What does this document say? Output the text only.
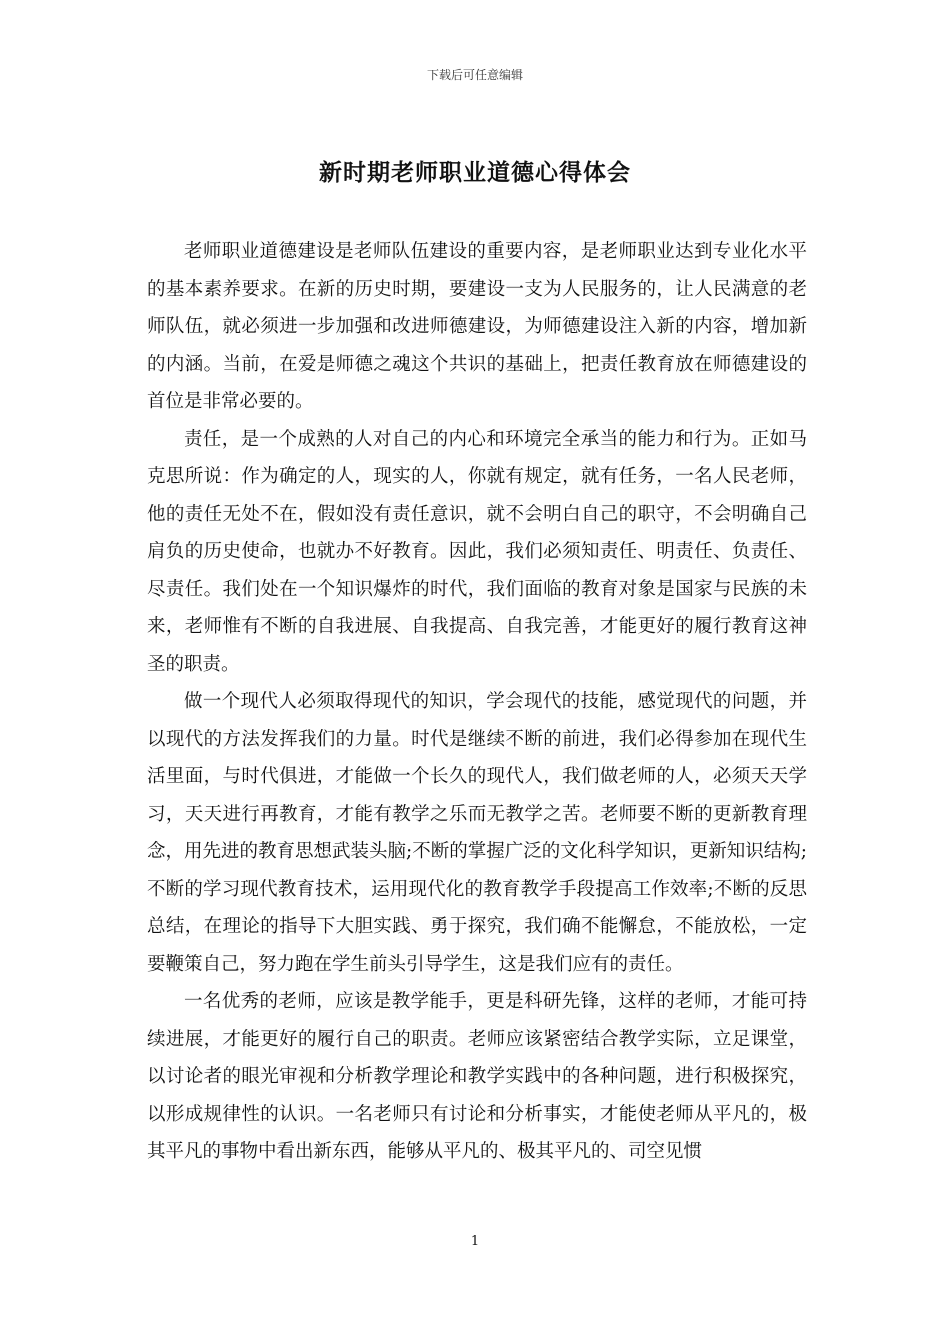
下载后可任意编辑
新时期老师职业道德心得体会

老师职业道德建设是老师队伍建设的重要内容，是老师职业达到专业化水平的基本素养要求。在新的历史时期，要建设一支为人民服务的，让人民满意的老师队伍，就必须进一步加强和改进师德建设，为师德建设注入新的内容，增加新的内涵。当前，在爱是师德之魂这个共识的基础上，把责任教育放在师德建设的首位是非常必要的。

责任，是一个成熟的人对自己的内心和环境完全承当的能力和行为。正如马克思所说：作为确定的人，现实的人，你就有规定，就有任务，一名人民老师，他的责任无处不在，假如没有责任意识，就不会明白自己的职守，不会明确自己肩负的历史使命，也就办不好教育。因此，我们必须知责任、明责任、负责任、尽责任。我们处在一个知识爆炸的时代，我们面临的教育对象是国家与民族的未来，老师惟有不断的自我进展、自我提高、自我完善，才能更好的履行教育这神圣的职责。

做一个现代人必须取得现代的知识，学会现代的技能，感觉现代的问题，并以现代的方法发挥我们的力量。时代是继续不断的前进，我们必得参加在现代生活里面，与时代俱进，才能做一个长久的现代人，我们做老师的人，必须天天学习，天天进行再教育，才能有教学之乐而无教学之苦。老师要不断的更新教育理念，用先进的教育思想武装头脑;不断的掌握广泛的文化科学知识，更新知识结构;不断的学习现代教育技术，运用现代化的教育教学手段提高工作效率;不断的反思总结，在理论的指导下大胆实践、勇于探究，我们确不能懈怠，不能放松，一定要鞭策自己，努力跑在学生前头引导学生，这是我们应有的责任。

一名优秀的老师，应该是教学能手，更是科研先锋，这样的老师，才能可持续进展，才能更好的履行自己的职责。老师应该紧密结合教学实际，立足课堂，以讨论者的眼光审视和分析教学理论和教学实践中的各种问题，进行积极探究，以形成规律性的认识。一名老师只有讨论和分析事实，才能使老师从平凡的，极其平凡的事物中看出新东西，能够从平凡的、极其平凡的、司空见惯

1
